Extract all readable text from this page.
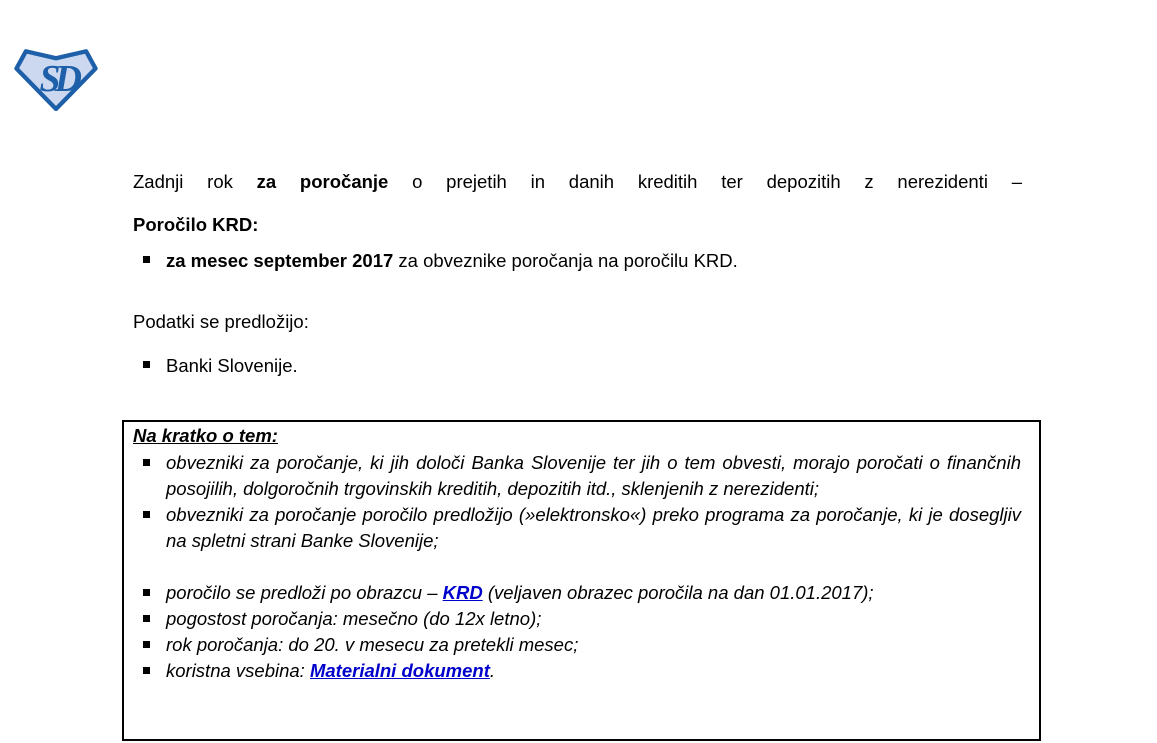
SD
Zadnji rok za poročanje o prejetih in danih kreditih ter depozitih z nerezidenti –
Poročilo KRD:
za mesec september 2017 za obveznike poročanja na poročilu KRD.
Podatki se predložijo:
Banki Slovenije.
Na kratko o tem:
obvezniki za poročanje, ki jih določi Banka Slovenije ter jih o tem obvesti, morajo poročati o finančnih posojilih, dolgoročnih trgovinskih kreditih, depozitih itd., sklenjenih z nerezidenti;
obvezniki za poročanje poročilo predložijo (»elektronsko«) preko programa za poročanje, ki je dosegljiv na spletni strani Banke Slovenije;
poročilo se predloži po obrazcu – KRD (veljaven obrazec poročila na dan 01.01.2017);
pogostost poročanja: mesečno (do 12x letno);
rok poročanja: do 20. v mesecu za pretekli mesec;
koristna vsebina: Materialni dokument.
